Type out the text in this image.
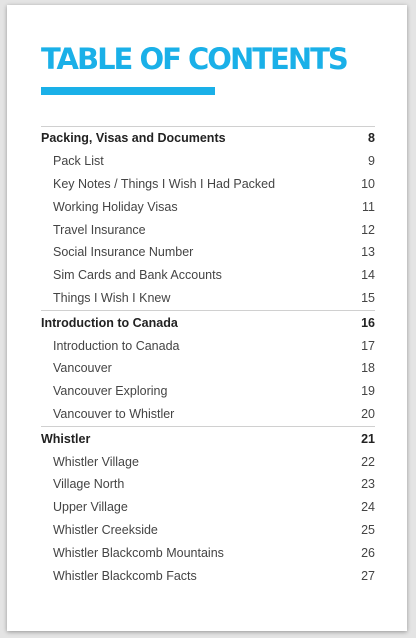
TABLE OF CONTENTS
Packing, Visas and Documents	8
Pack List	9
Key Notes / Things I Wish I Had Packed	10
Working Holiday Visas	11
Travel Insurance	12
Social Insurance Number	13
Sim Cards and Bank Accounts	14
Things I Wish I Knew	15
Introduction to Canada	16
Introduction to Canada	17
Vancouver	18
Vancouver Exploring	19
Vancouver to Whistler	20
Whistler	21
Whistler Village	22
Village North	23
Upper Village	24
Whistler Creekside	25
Whistler Blackcomb Mountains	26
Whistler Blackcomb Facts	27
